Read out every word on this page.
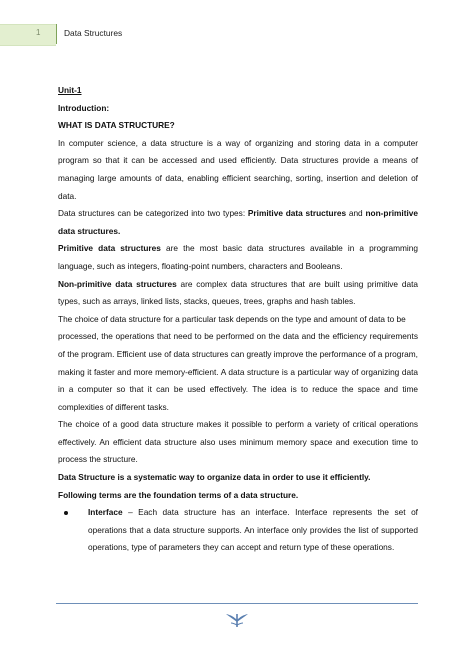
1	Data Structures

Unit-1

Introduction:

WHAT IS DATA STRUCTURE?

In computer science, a data structure is a way of organizing and storing data in a computer program so that it can be accessed and used efficiently. Data structures provide a means of managing large amounts of data, enabling efficient searching, sorting, insertion and deletion of data.

Data structures can be categorized into two types: Primitive data structures and non-primitive data structures.

Primitive data structures are the most basic data structures available in a programming language, such as integers, floating-point numbers, characters and Booleans.

Non-primitive data structures are complex data structures that are built using primitive data types, such as arrays, linked lists, stacks, queues, trees, graphs and hash tables.

The choice of data structure for a particular task depends on the type and amount of data to be

processed, the operations that need to be performed on the data and the efficiency requirements of the program. Efficient use of data structures can greatly improve the performance of a program, making it faster and more memory-efficient. A data structure is a particular way of organizing data in a computer so that it can be used effectively. The idea is to reduce the space and time complexities of different tasks.

The choice of a good data structure makes it possible to perform a variety of critical operations effectively. An efficient data structure also uses minimum memory space and execution time to process the structure.

Data Structure is a systematic way to organize data in order to use it efficiently.

Following terms are the foundation terms of a data structure.

Interface – Each data structure has an interface. Interface represents the set of operations that a data structure supports. An interface only provides the list of supported operations, type of parameters they can accept and return type of these operations.
